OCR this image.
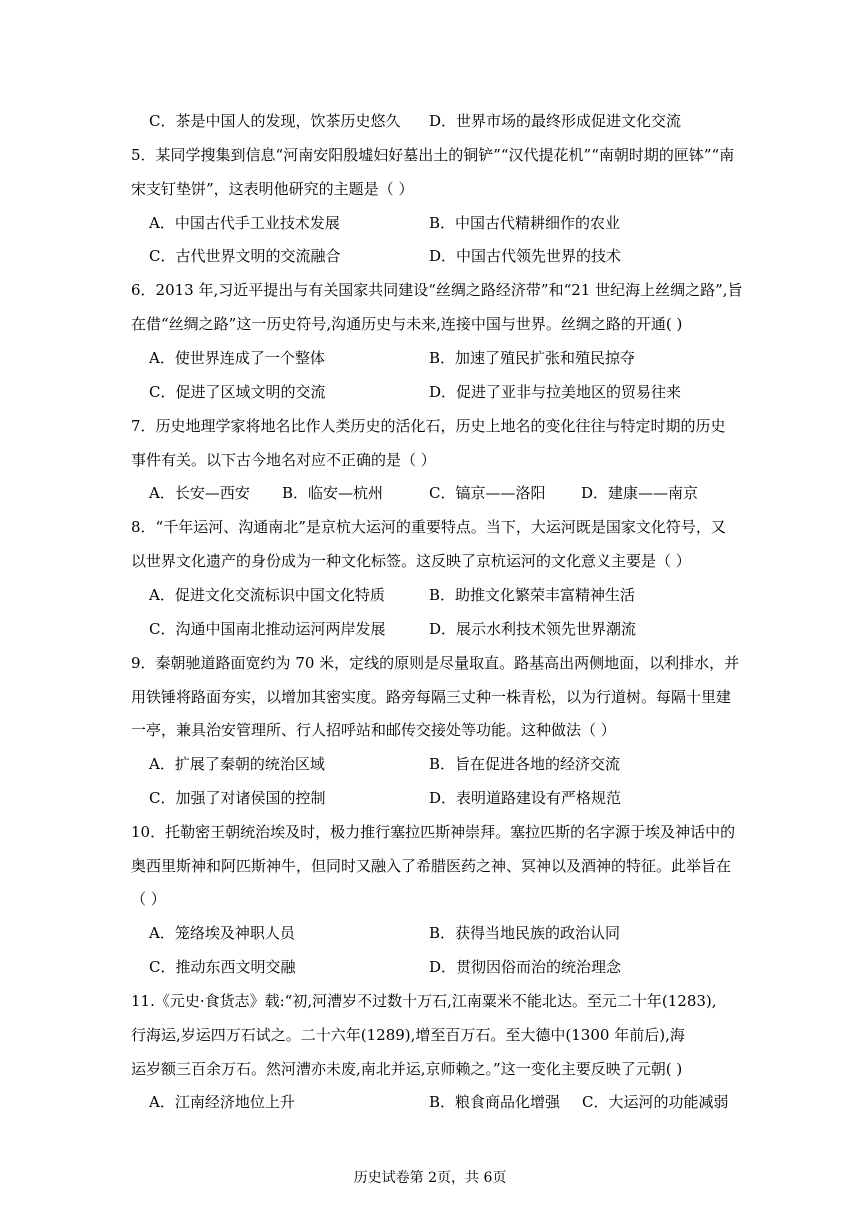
C．茶是中国人的发现，饮茶历史悠久 D．世界市场的最终形成促进文化交流
5．某同学搜集到信息“河南安阳殷墟妇好墓出土的铜铲”“汉代提花机”“南朝时期的匣钵”“南
宋支钉垫饼”，这表明他研究的主题是（ ）
A．中国古代手工业技术发展	B．中国古代精耕细作的农业
C．古代世界文明的交流融合	D．中国古代领先世界的技术
6．2013 年,习近平提出与有关国家共同建设“丝绸之路经济带”和“21 世纪海上丝绸之路”,旨
在借“丝绸之路”这一历史符号,沟通历史与未来,连接中国与世界。丝绸之路的开通( )
A．使世界连成了一个整体	B．加速了殖民扩张和殖民掠夺
C．促进了区域文明的交流	D．促进了亚非与拉美地区的贸易往来
7．历史地理学家将地名比作人类历史的活化石，历史上地名的变化往往与特定时期的历史
事件有关。以下古今地名对应不正确的是（ ）
A．长安—西安 B．临安—杭州	C．镐京——洛阳 D．建康——南京
8．“千年运河、沟通南北”是京杭大运河的重要特点。当下，大运河既是国家文化符号，又
以世界文化遗产的身份成为一种文化标签。这反映了京杭运河的文化意义主要是（ ）
A．促进文化交流标识中国文化特质	B．助推文化繁荣丰富精神生活
C．沟通中国南北推动运河两岸发展	D．展示水利技术领先世界潮流
9．秦朝驰道路面宽约为 70 米，定线的原则是尽量取直。路基高出两侧地面，以利排水，并
用铁锤将路面夯实，以增加其密实度。路旁每隔三丈种一株青松，以为行道树。每隔十里建
一亭，兼具治安管理所、行人招呼站和邮传交接处等功能。这种做法（ ）
A．扩展了秦朝的统治区域	B．旨在促进各地的经济交流
C．加强了对诸侯国的控制	D．表明道路建设有严格规范
10．托勒密王朝统治埃及时，极力推行塞拉匹斯神崇拜。塞拉匹斯的名字源于埃及神话中的
奥西里斯神和阿匹斯神牛，但同时又融入了希腊医药之神、冥神以及酒神的特征。此举旨在
（ ）
A．笼络埃及神职人员	B．获得当地民族的政治认同
C．推动东西文明交融	D．贯彻因俗而治的统治理念
11.《元史·食货志》载:“初,河漕岁不过数十万石,江南粟米不能北达。至元二十年(1283),
行海运,岁运四万石试之。二十六年(1289),增至百万石。至大德中(1300 年前后),海
运岁额三百余万石。然河漕亦未废,南北并运,京师赖之。”这一变化主要反映了元朝( )
A．江南经济地位上升	B．粮食商品化增强 C．大运河的功能减弱
历史试卷第 2页，共 6页
